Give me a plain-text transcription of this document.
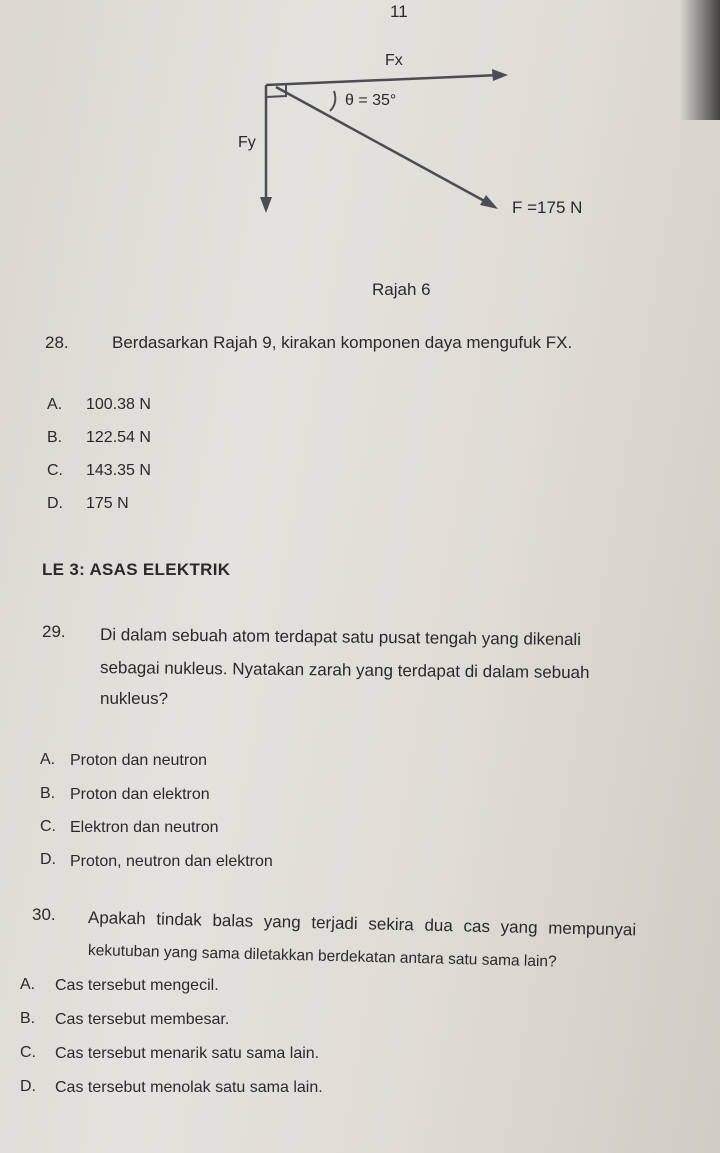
11
Fx
θ = 35°
Fy
F =175 N
Rajah 6
28.	Berdasarkan Rajah 9, kirakan komponen daya mengufuk FX.
A. 100.38 N
B. 122.54 N
C. 143.35 N
D. 175 N
LE 3: ASAS ELEKTRIK
29. Di dalam sebuah atom terdapat satu pusat tengah yang dikenali
sebagai nukleus. Nyatakan zarah yang terdapat di dalam sebuah
nukleus?
A. Proton dan neutron
B. Proton dan elektron
C. Elektron dan neutron
D. Proton, neutron dan elektron
30. Apakah tindak balas yang terjadi sekira dua cas yang mempunyai
kekutuban yang sama diletakkan berdekatan antara satu sama lain?
A. Cas tersebut mengecil.
B. Cas tersebut membesar.
C. Cas tersebut menarik satu sama lain.
D. Cas tersebut menolak satu sama lain.
